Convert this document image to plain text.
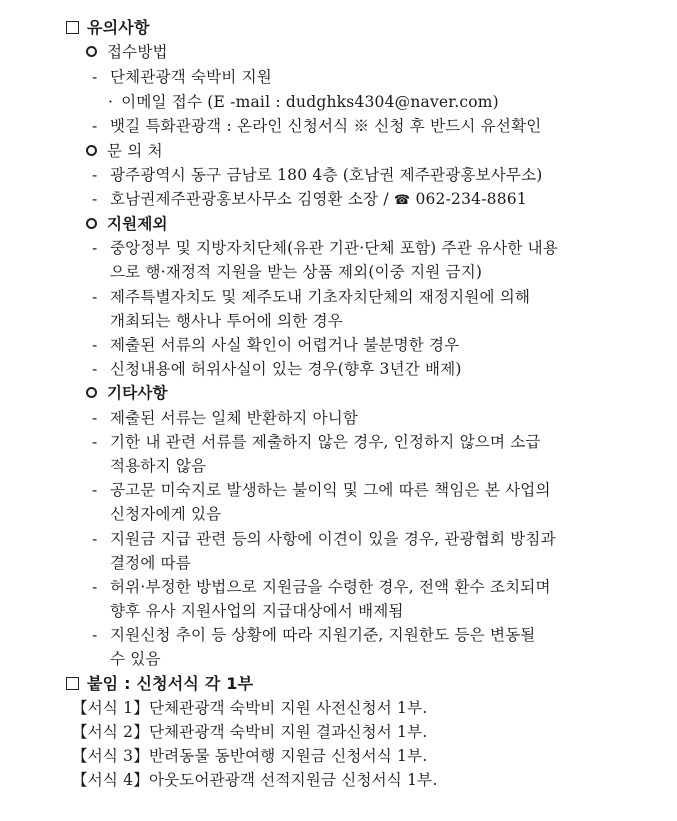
유의사항
접수방법
- 단체관광객 숙박비 지원
· 이메일 접수 (E -mail : dudghks4304@naver.com)
- 뱃길 특화관광객 : 온라인 신청서식 ※ 신청 후 반드시 유선확인
문 의 처
- 광주광역시 동구 금남로 180 4층 (호남권 제주관광홍보사무소)
- 호남권제주관광홍보사무소 김영환 소장 / ☎ 062-234-8861
지원제외
- 중앙정부 및 지방자치단체(유관 기관·단체 포함) 주관 유사한 내용
으로 행·재정적 지원을 받는 상품 제외(이중 지원 금지)
- 제주특별자치도 및 제주도내 기초자치단체의 재정지원에 의해
개최되는 행사나 투어에 의한 경우
- 제출된 서류의 사실 확인이 어렵거나 불분명한 경우
- 신청내용에 허위사실이 있는 경우(향후 3년간 배제)
기타사항
- 제출된 서류는 일체 반환하지 아니함
- 기한 내 관련 서류를 제출하지 않은 경우, 인정하지 않으며 소급
적용하지 않음
- 공고문 미숙지로 발생하는 불이익 및 그에 따른 책임은 본 사업의
신청자에게 있음
- 지원금 지급 관련 등의 사항에 이견이 있을 경우, 관광협회 방침과
결정에 따름
- 허위·부정한 방법으로 지원금을 수령한 경우, 전액 환수 조치되며
향후 유사 지원사업의 지급대상에서 배제됨
- 지원신청 추이 등 상황에 따라 지원기준, 지원한도 등은 변동될
수 있음
붙임 : 신청서식 각 1부
【서식 1】단체관광객 숙박비 지원 사전신청서 1부.
【서식 2】단체관광객 숙박비 지원 결과신청서 1부.
【서식 3】반려동물 동반여행 지원금 신청서식 1부.
【서식 4】아웃도어관광객 선적지원금 신청서식 1부.
